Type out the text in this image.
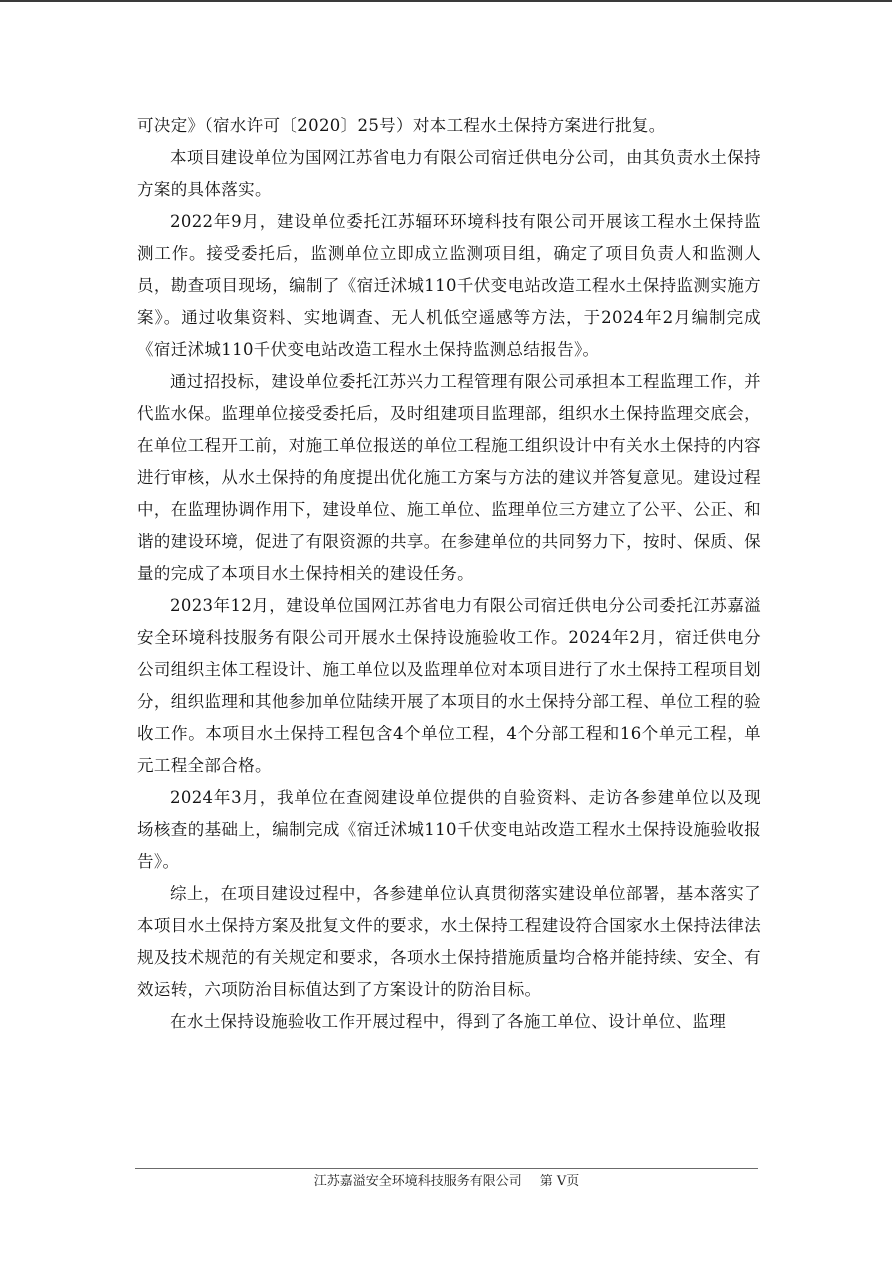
可决定》（宿水许可〔2020〕25号）对本工程水土保持方案进行批复。

本项目建设单位为国网江苏省电力有限公司宿迁供电分公司，由其负责水土保持方案的具体落实。

2022年9月，建设单位委托江苏辐环环境科技有限公司开展该工程水土保持监测工作。接受委托后，监测单位立即成立监测项目组，确定了项目负责人和监测人员，勘查项目现场，编制了《宿迁沭城110千伏变电站改造工程水土保持监测实施方案》。通过收集资料、实地调查、无人机低空遥感等方法，于2024年2月编制完成《宿迁沭城110千伏变电站改造工程水土保持监测总结报告》。

通过招投标，建设单位委托江苏兴力工程管理有限公司承担本工程监理工作，并代监水保。监理单位接受委托后，及时组建项目监理部，组织水土保持监理交底会，在单位工程开工前，对施工单位报送的单位工程施工组织设计中有关水土保持的内容进行审核，从水土保持的角度提出优化施工方案与方法的建议并答复意见。建设过程中，在监理协调作用下，建设单位、施工单位、监理单位三方建立了公平、公正、和谐的建设环境，促进了有限资源的共享。在参建单位的共同努力下，按时、保质、保量的完成了本项目水土保持相关的建设任务。

2023年12月，建设单位国网江苏省电力有限公司宿迁供电分公司委托江苏嘉溢安全环境科技服务有限公司开展水土保持设施验收工作。2024年2月，宿迁供电分公司组织主体工程设计、施工单位以及监理单位对本项目进行了水土保持工程项目划分，组织监理和其他参加单位陆续开展了本项目的水土保持分部工程、单位工程的验收工作。本项目水土保持工程包含4个单位工程，4个分部工程和16个单元工程，单元工程全部合格。

2024年3月，我单位在查阅建设单位提供的自验资料、走访各参建单位以及现场核查的基础上，编制完成《宿迁沭城110千伏变电站改造工程水土保持设施验收报告》。

综上，在项目建设过程中，各参建单位认真贯彻落实建设单位部署，基本落实了本项目水土保持方案及批复文件的要求，水土保持工程建设符合国家水土保持法律法规及技术规范的有关规定和要求，各项水土保持措施质量均合格并能持续、安全、有效运转，六项防治目标值达到了方案设计的防治目标。

在水土保持设施验收工作开展过程中，得到了各施工单位、设计单位、监理

江苏嘉溢安全环境科技服务有限公司 第 V页
